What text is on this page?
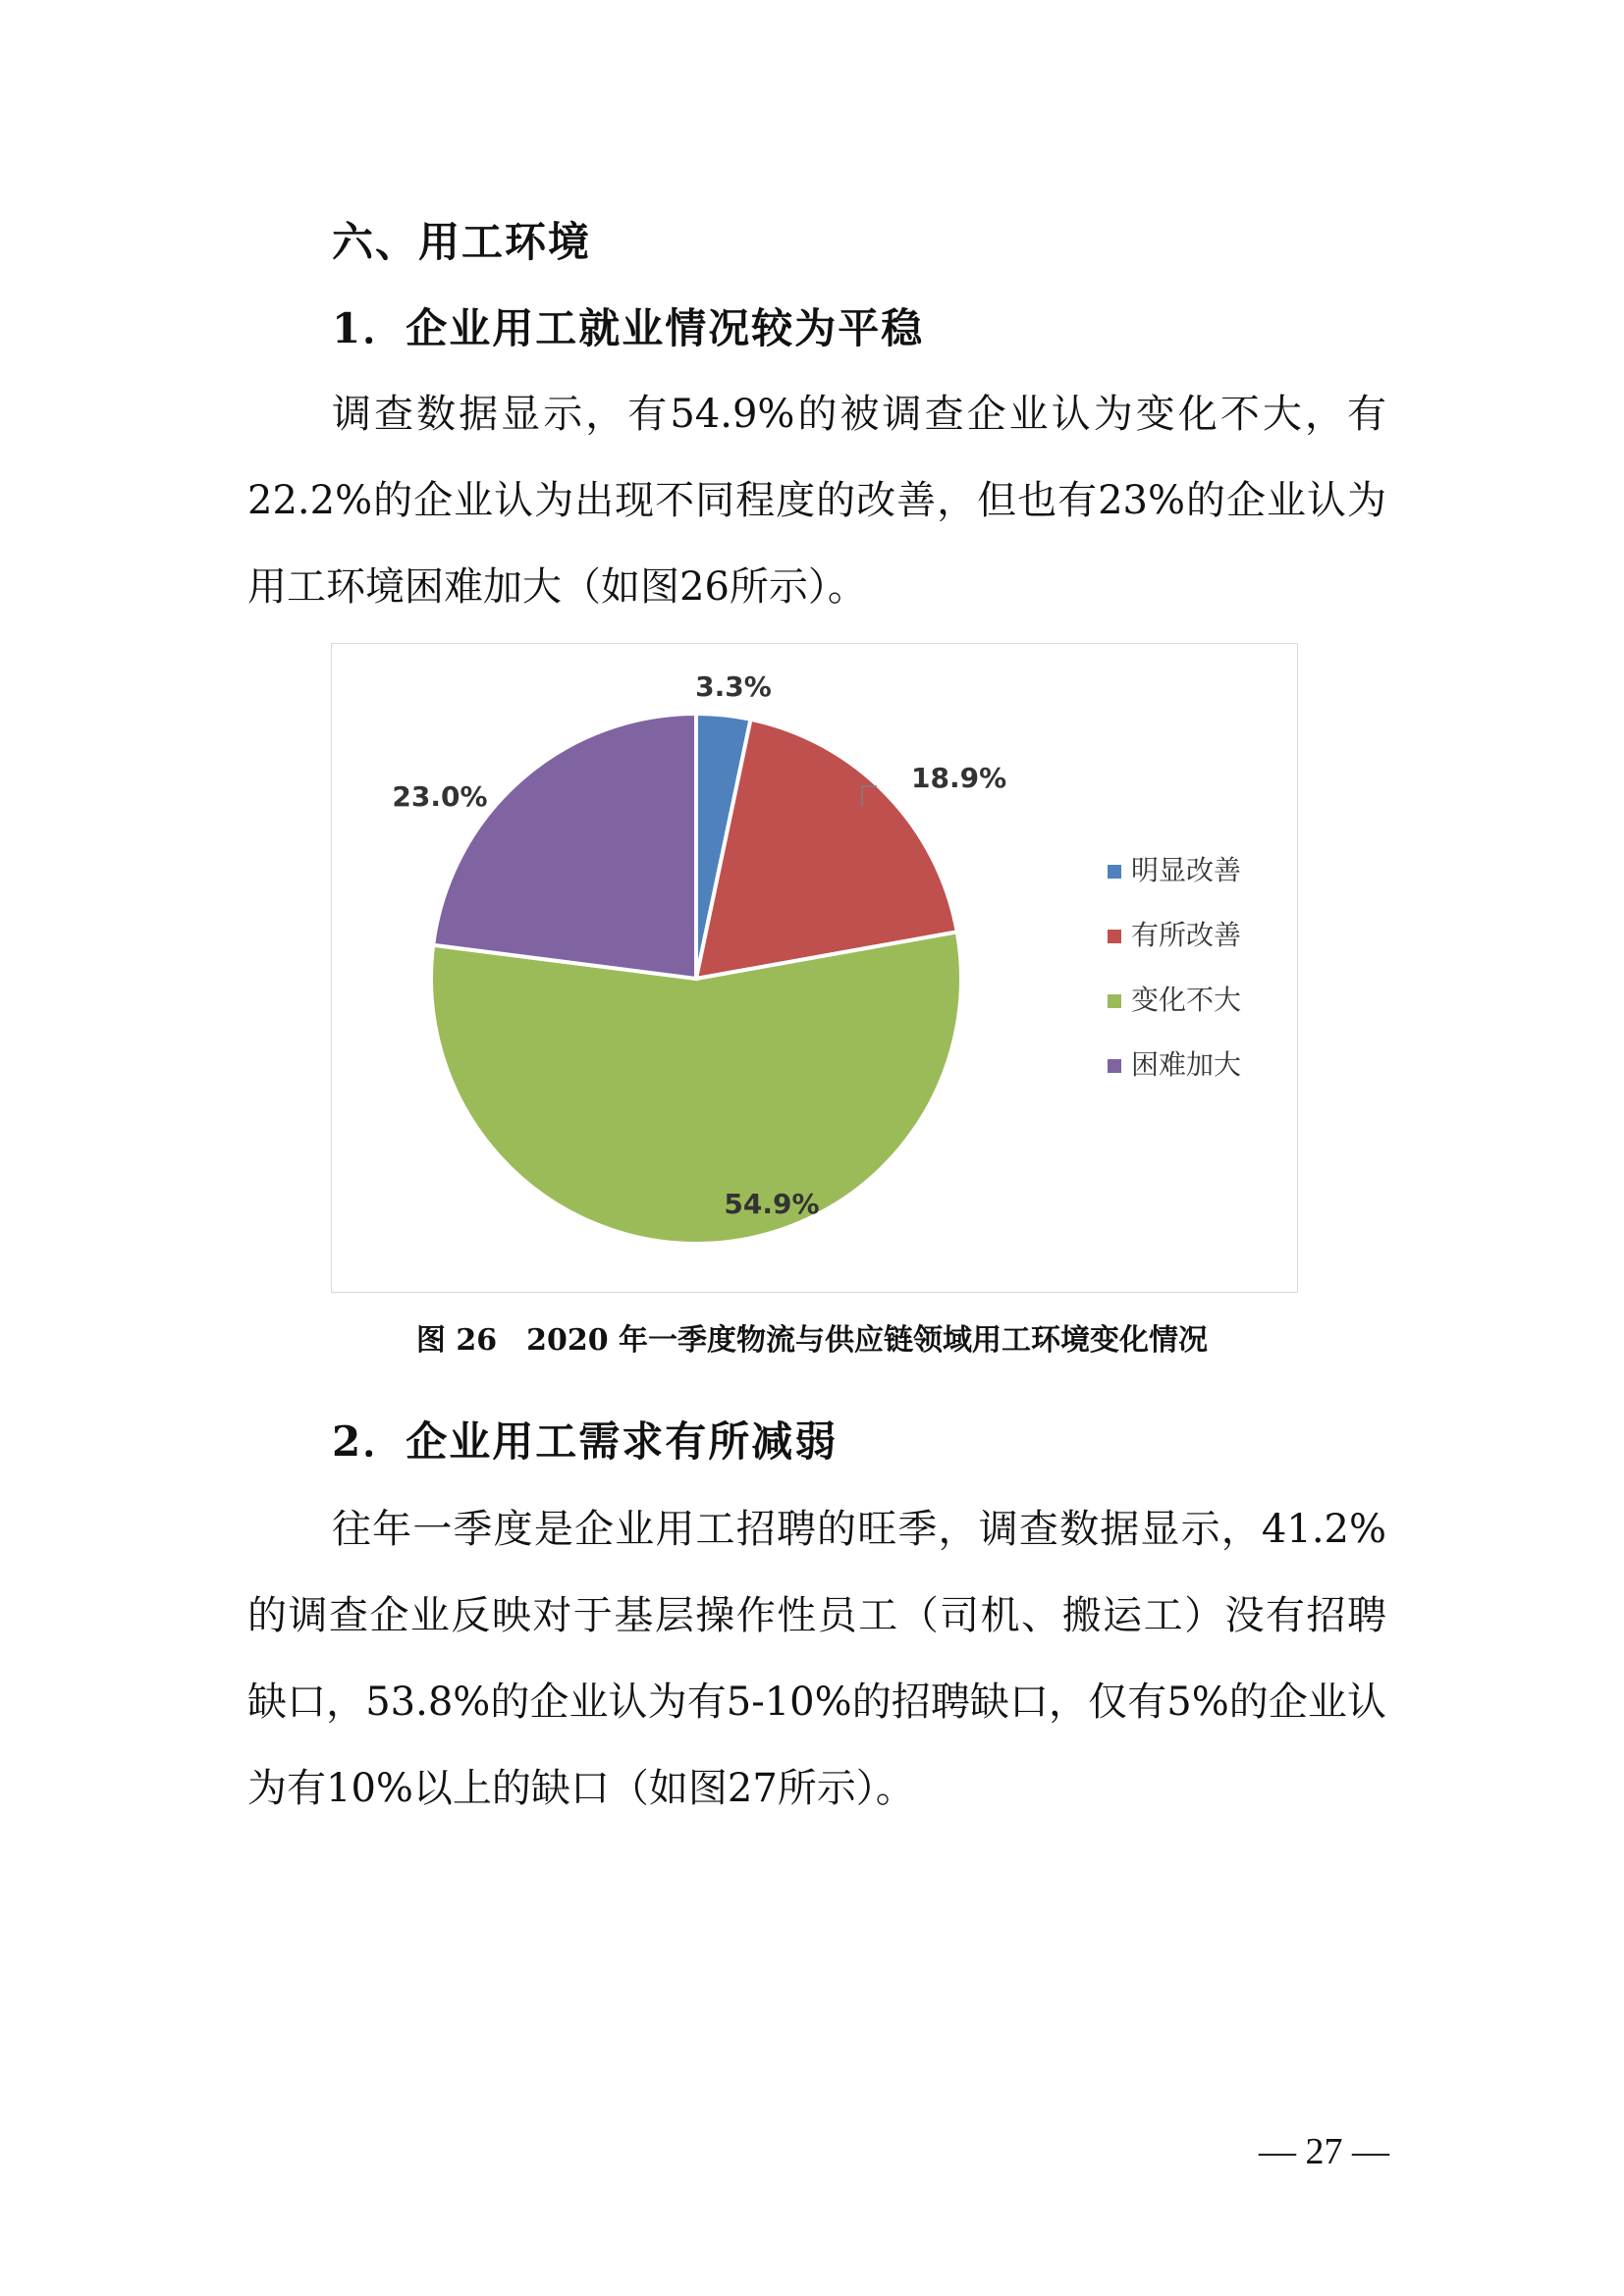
六、用工环境
1．企业用工就业情况较为平稳
调查数据显示，有54.9%的被调查企业认为变化不大，有
22.2%的企业认为出现不同程度的改善，但也有23%的企业认为
用工环境困难加大（如图26所示）。
3.3%
18.9%
54.9%
23.0%
明显改善
有所改善
变化不大
困难加大
图 26　2020 年一季度物流与供应链领域用工环境变化情况
2．企业用工需求有所减弱
往年一季度是企业用工招聘的旺季，调查数据显示，41.2%
的调查企业反映对于基层操作性员工（司机、搬运工）没有招聘
缺口，53.8%的企业认为有5-10%的招聘缺口，仅有5%的企业认
为有10%以上的缺口（如图27所示）。
— 27 —
